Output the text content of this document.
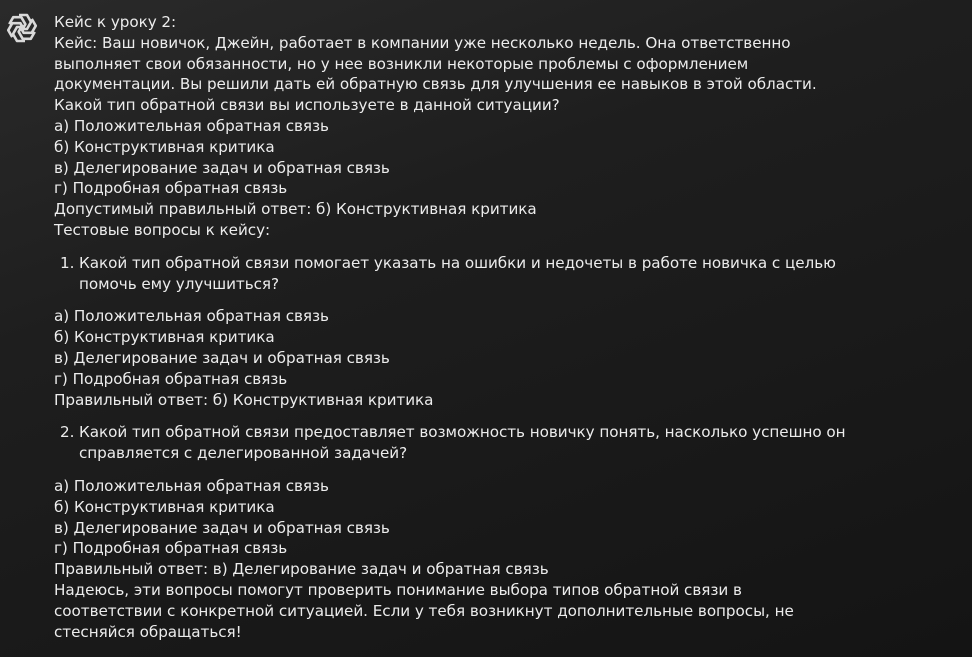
Кейс к уроку 2:
Кейс: Ваш новичок, Джейн, работает в компании уже несколько недель. Она ответственно
выполняет свои обязанности, но у нее возникли некоторые проблемы с оформлением
документации. Вы решили дать ей обратную связь для улучшения ее навыков в этой области.
Какой тип обратной связи вы используете в данной ситуации?
а) Положительная обратная связь
б) Конструктивная критика
в) Делегирование задач и обратная связь
г) Подробная обратная связь
Допустимый правильный ответ: б) Конструктивная критика
Тестовые вопросы к кейсу:
1. Какой тип обратной связи помогает указать на ошибки и недочеты в работе новичка с целью
помочь ему улучшиться?
а) Положительная обратная связь
б) Конструктивная критика
в) Делегирование задач и обратная связь
г) Подробная обратная связь
Правильный ответ: б) Конструктивная критика
2. Какой тип обратной связи предоставляет возможность новичку понять, насколько успешно он
справляется с делегированной задачей?
а) Положительная обратная связь
б) Конструктивная критика
в) Делегирование задач и обратная связь
г) Подробная обратная связь
Правильный ответ: в) Делегирование задач и обратная связь
Надеюсь, эти вопросы помогут проверить понимание выбора типов обратной связи в
соответствии с конкретной ситуацией. Если у тебя возникнут дополнительные вопросы, не
стесняйся обращаться!
